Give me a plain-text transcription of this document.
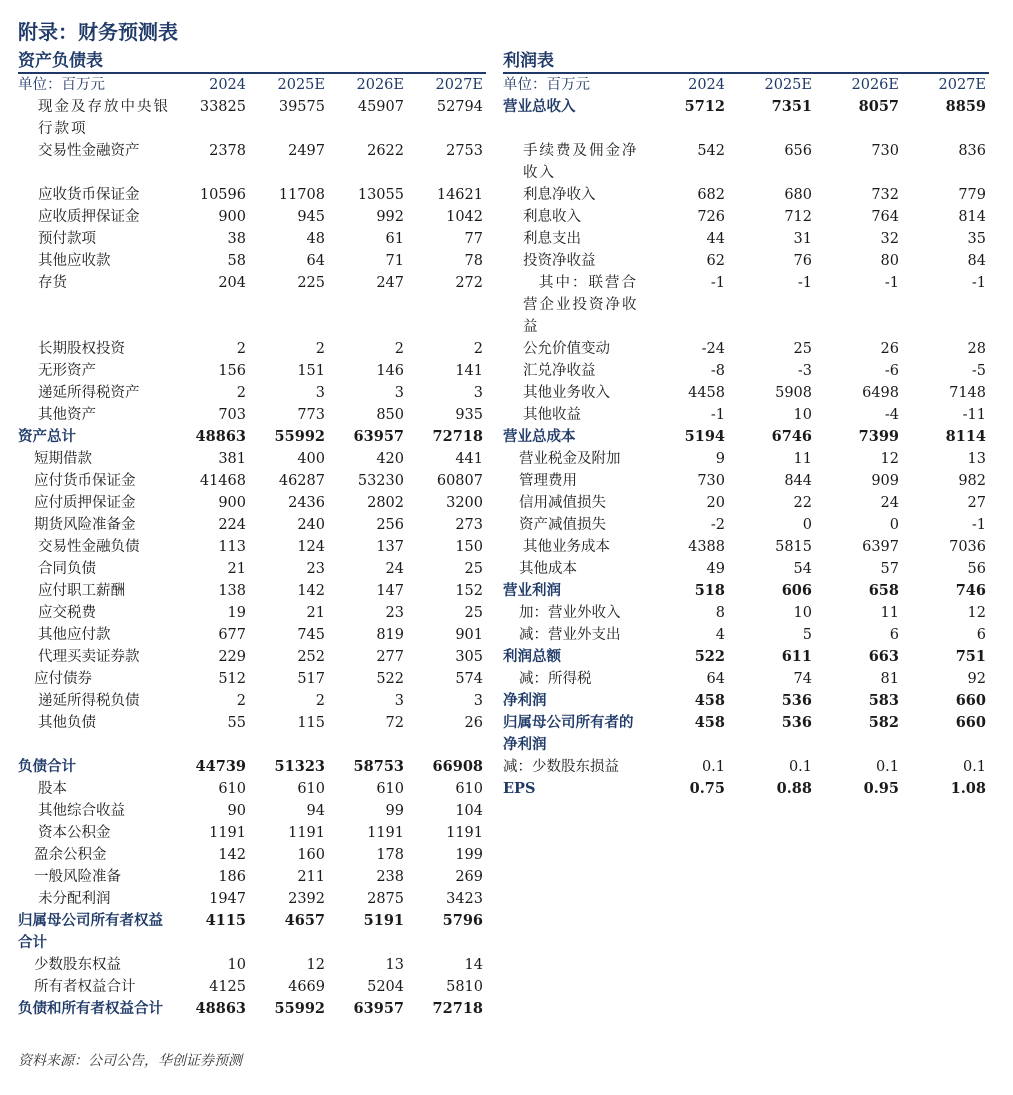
附录：财务预测表
资产负债表
单位：百万元	2024	2025E	2026E	2027E
现金及存放中央银行款项
33825	39575	45907	52794
交易性金融资产	2378	2497	2622	2753
应收货币保证金	10596	11708	13055	14621
应收质押保证金	900	945	992	1042
预付款项	38	48	61	77
其他应收款	58	64	71	78
存货	204	225	247	272
长期股权投资	2	2	2	2
无形资产	156	151	146	141
递延所得税资产	2	3	3	3
其他资产	703	773	850	935
资产总计	48863	55992	63957	72718
短期借款	381	400	420	441
应付货币保证金	41468	46287	53230	60807
应付质押保证金	900	2436	2802	3200
期货风险准备金	224	240	256	273
交易性金融负债	113	124	137	150
合同负债	21	23	24	25
应付职工薪酬	138	142	147	152
应交税费	19	21	23	25
其他应付款	677	745	819	901
代理买卖证券款	229	252	277	305
应付债券	512	517	522	574
递延所得税负债	2	2	3	3
其他负债	55	115	72	26
负债合计	44739	51323	58753	66908
股本	610	610	610	610
其他综合收益	90	94	99	104
资本公积金	1191	1191	1191	1191
盈余公积金	142	160	178	199
一般风险准备	186	211	238	269
未分配利润	1947	2392	2875	3423
归属母公司所有者权益合计
4115	4657	5191	5796
少数股东权益	10	12	13	14
所有者权益合计	4125	4669	5204	5810
负债和所有者权益合计	48863	55992	63957	72718
利润表
单位：百万元	2024	2025E	2026E	2027E
营业总收入	5712	7351	8057	8859
手续费及佣金净收入
542	656	730	836
利息净收入	682	680	732	779
利息收入	726	712	764	814
利息支出	44	31	32	35
投资净收益	62	76	80	84
其中：联营合营企业投资净收益
-1	-1	-1	-1
公允价值变动	-24	25	26	28
汇兑净收益	-8	-3	-6	-5
其他业务收入	4458	5908	6498	7148
其他收益	-1	10	-4	-11
营业总成本	5194	6746	7399	8114
营业税金及附加	9	11	12	13
管理费用	730	844	909	982
信用减值损失	20	22	24	27
资产减值损失	-2	0	0	-1
其他业务成本	4388	5815	6397	7036
其他成本	49	54	57	56
营业利润	518	606	658	746
加：营业外收入	8	10	11	12
减：营业外支出	4	5	6	6
利润总额	522	611	663	751
减：所得税	64	74	81	92
净利润	458	536	583	660
归属母公司所有者的净利润
458	536	582	660
减：少数股东损益	0.1	0.1	0.1	0.1
EPS	0.75	0.88	0.95	1.08
资料来源：公司公告，华创证券预测
